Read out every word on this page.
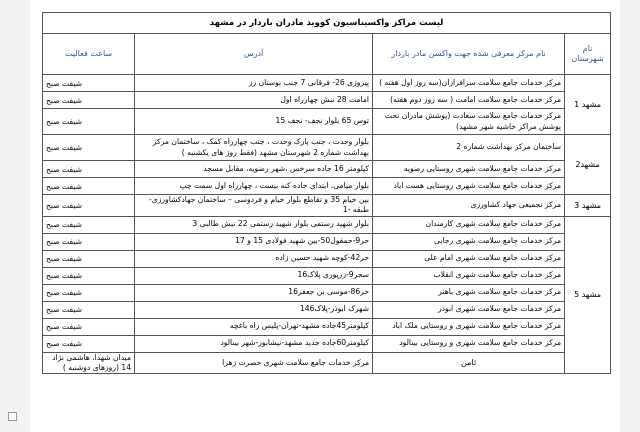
لیست مراکز واکسیناسیون کووید مادران باردار در مشهد				
نام شهرستان	نام مرکز معرفی شده جهت واکسن مادر باردار	آدرس	ساعت فعالیت	
مشهد 1	مرکز خدمات جامع سلامت سرافرازان(سه روز اول هفته )	پیروزی 26- فرقانی 7 جنب بوستان رز	شیفت صبح	
	مرکز خدمات جامع سلامت امامت ( سه روز دوم هفته)	امامت 28 نبش چهارراه اول	شیفت صبح	
	مرکز خدمات جامع سلامت سعادت (پوشش مادران تحت پوشش مراکز خاشیه شهر مشهد)	توس 65 بلوار نجف- نجف 15	شیفت صبح	
مشهد2	ساختمان مرکز بهداشت شماره 2	بلوار وحدت ، جنب پارک وحدت ، جنب چهارراه کمک ، ساختمان مرکز بهداشت شماره 2 شهرستان مشهد (فقط روز های یکشنبه )	شیفت صبح	
	مرکز خدمات جامع سلامت شهری روستایی رضویه	کیلومتر 16 جاده سرخس ،شهر رضویه، مقابل مسجد	شیفت صبح	
	مرکز خدمات جامع سلامت شهری روستایی هست اباد	بلوار میامی، ابتدای جاده کنه بیست ، چهارراه اول سمت چپ	شیفت صبح	
مشهد 3	مرکز تجمیعی جهاد کشاورزی	بین خیام 35 و تقاطع بلوار خیام و فردوسی – ساختمان جهادکشاورزی- طبقه -1	شیفت صبح	
مشهد 5	مرکز خدمات جامع سلامت شهری کارمندان	بلوار شهید رستمی بلوار شهید رستمی 22 نبش طالبی 3	شیفت صبح	
	مرکز خدمات جامع سلامت شهری رجایی	حر9-حمقول50-بین شهید فولادی 15 و 17	شیفت صبح	
	مرکز خدمات جامع سلامت شهری امام علی	حر42-کوچه شهید حسین زاده	شیفت صبح	
	مرکز خدمات جامع سلامت شهری انقلاب	سجر9-زرپوری پلاک16	شیفت صبح	
	مرکز خدمات جامع سلامت شهری باهنر	حر86-موسی بن جعفر16	شیفت صبح	
	مرکز خدمات جامع سلامت شهری ابوذر	شهرک ابوذر-پلاک146	شیفت صبح	
	مرکز خدمات جامع سلامت شهری و روستایی ملک اباد	کیلومتر45جاده مشهد-تهران-پلیس راه باغچه	شیفت صبح	
	مرکز خدمات جامع سلامت شهری و روستایی بینالود	کیلومتر60جاده جدید مشهد-نیشابور-شهر بینالود	شیفت صبح	
	ثامن	مرکز خدمات جامع سلامت شهری حضرت زهرا	میدان شهدا، هاشمی نژاد 14 (روزهای دوشنبه )	
